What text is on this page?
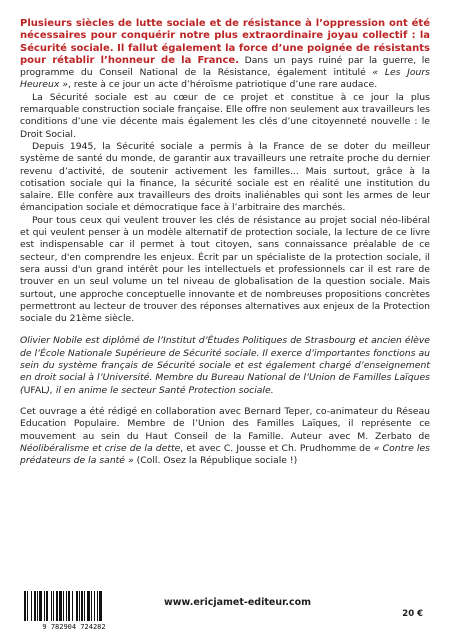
Plusieurs siècles de lutte sociale et de résistance à l’oppression ont été nécessaires pour conquérir notre plus extraordinaire joyau collectif : la Sécurité sociale. Il fallut également la force d’une poignée de résistants pour rétablir l’honneur de la France. Dans un pays ruiné par la guerre, le programme du Conseil National de la Résistance, également intitulé « Les Jours Heureux », reste à ce jour un acte d’héroïsme patriotique d’une rare audace.

La Sécurité sociale est au cœur de ce projet et constitue à ce jour la plus remarquable construction sociale française. Elle offre non seulement aux travailleurs les conditions d’une vie décente mais également les clés d’une citoyenneté nouvelle : le Droit Social.

Depuis 1945, la Sécurité sociale a permis à la France de se doter du meilleur système de santé du monde, de garantir aux travailleurs une retraite proche du dernier revenu d’activité, de soutenir activement les familles... Mais surtout, grâce à la cotisation sociale qui la finance, la sécurité sociale est en réalité une institution du salaire. Elle confère aux travailleurs des droits inaliénables qui sont les armes de leur émancipation sociale et démocratique face à l’arbitraire des marchés.

Pour tous ceux qui veulent trouver les clés de résistance au projet social néo-libéral et qui veulent penser à un modèle alternatif de protection sociale, la lecture de ce livre est indispensable car il permet à tout citoyen, sans connaissance préalable de ce secteur, d'en comprendre les enjeux. Écrit par un spécialiste de la protection sociale, il sera aussi d'un grand intérêt pour les intellectuels et professionnels car il est rare de trouver en un seul volume un tel niveau de globalisation de la question sociale. Mais surtout, une approche conceptuelle innovante et de nombreuses propositions concrètes permettront au lecteur de trouver des réponses alternatives aux enjeux de la Protection sociale du 21ème siècle.

Olivier Nobile est diplômé de l’Institut d’Études Politiques de Strasbourg et ancien élève de l’École Nationale Supérieure de Sécurité sociale. Il exerce d’importantes fonctions au sein du système français de Sécurité sociale et est également chargé d’enseignement en droit social à l’Université. Membre du Bureau National de l’Union de Familles Laïques (UFAL), il en anime le secteur Santé Protection sociale.

Cet ouvrage a été rédigé en collaboration avec Bernard Teper, co-animateur du Réseau Education Populaire. Membre de l’Union des Familles Laïques, il représente ce mouvement au sein du Haut Conseil de la Famille. Auteur avec M. Zerbato de Néolibéralisme et crise de la dette, et avec C. Jousse et Ch. Prudhomme de « Contre les prédateurs de la santé » (Coll. Osez la République sociale !)

9 782904 724282
www.ericjamet-editeur.com
20 €
